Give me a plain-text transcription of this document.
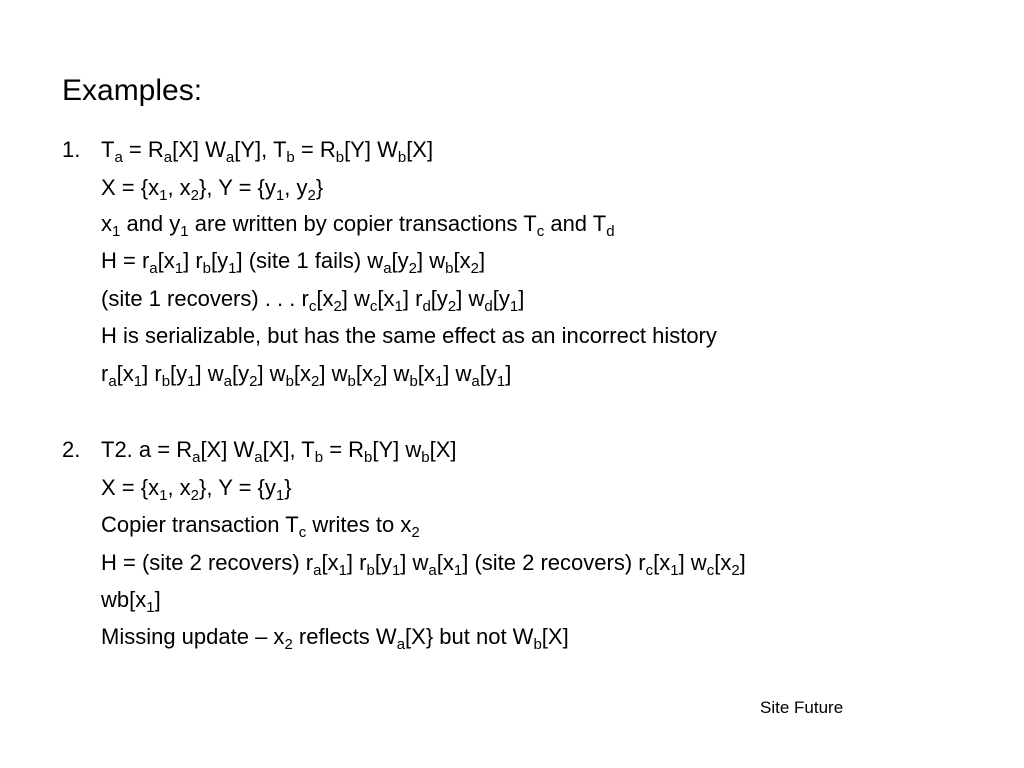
Examples:
1. $T_a = R_a[X]$ $W_a[Y]$, $T_b = R_b[Y]$ $W_b[X]$
$X = \{x_1$, $x_2$}, $Y = \{y_1$, $y_2$}
$x_1$ and $y_1$ are written by copier transactions $T_c$ and $T_d$
$H = r_a[x_1]$ $r_b[y_1]$ (site 1 fails) $w_a[y_2]$ $w_b[x_2]$
(site 1 recovers) . . . $r_c[x_2]$ $w_c[x_1]$ $r_d[y_2]$ $w_d[y_1]$
H is serializable, but has the same effect as an incorrect history
$r_a[x_1]$ $r_b[y_1]$ $w_a[y_2]$ $w_b[x_2]$ $w_b[x_2]$ $w_b[x_1]$ $w_a[y_1]$
2. T2. $a = R_a[X]$ $W_a[X]$, $T_b = R_b[Y]$ $w_b[X]$
$X = \{x_1$, $x_2$}, $Y = \{y_1\}$
Copier transaction $T_c$ writes to $x_2$
H = (site 2 recovers) $r_a[x_1]$ $r_b[y_1]$ $w_a[x_1]$ (site 2 recovers) $r_c[x_1]$ $w_c[x_2]$
$wb[x_1]$
Missing update – $x_2$ reflects $W_a[X\}$ but not $W_b[X]$
Site Future
